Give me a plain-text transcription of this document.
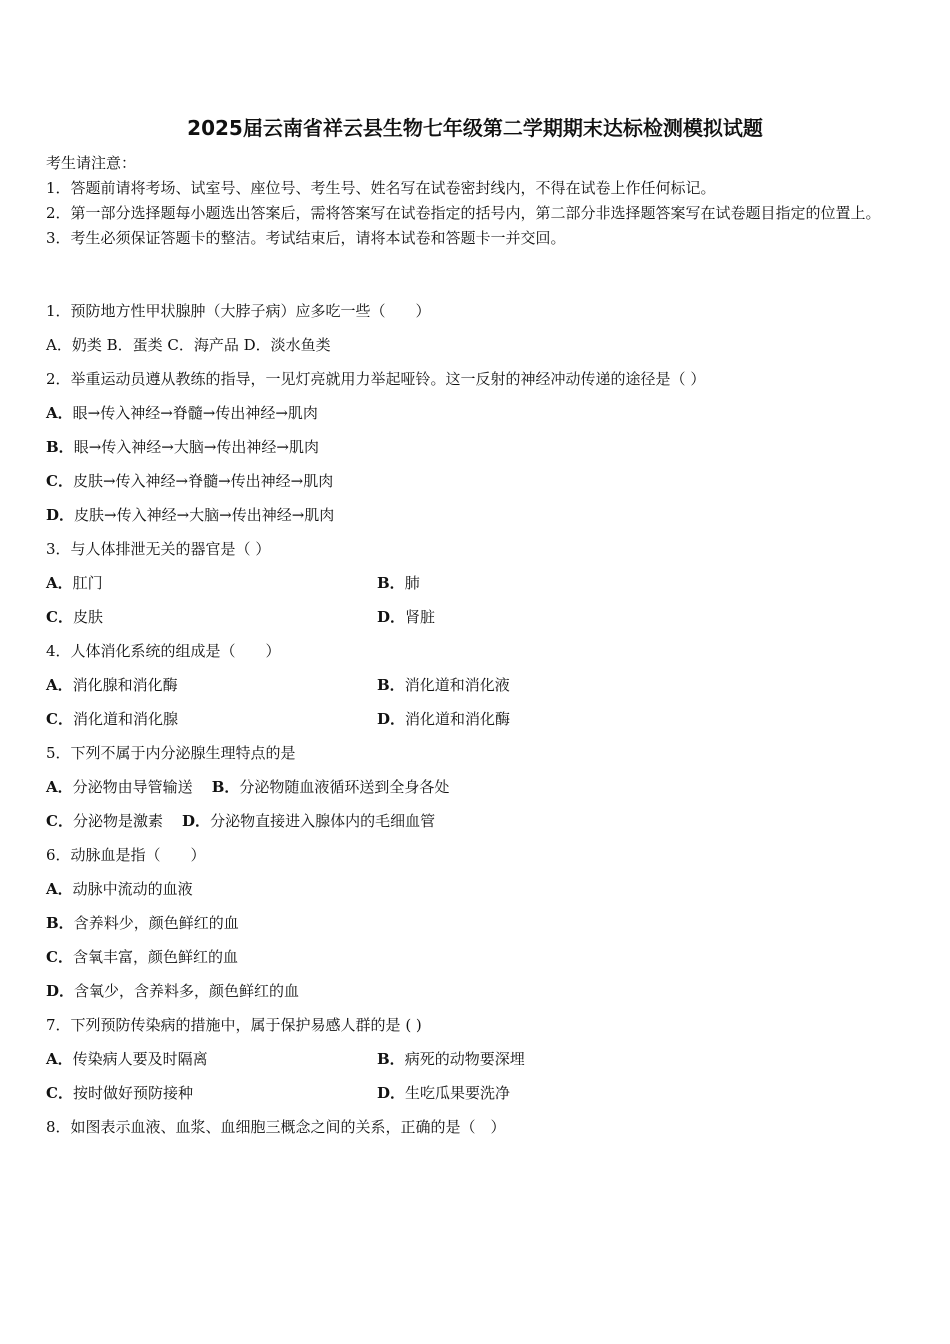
2025届云南省祥云县生物七年级第二学期期末达标检测模拟试题

考生请注意：

1．答题前请将考场、试室号、座位号、考生号、姓名写在试卷密封线内，不得在试卷上作任何标记。

2．第一部分选择题每小题选出答案后，需将答案写在试卷指定的括号内，第二部分非选择题答案写在试卷题目指定的位置上。

3．考生必须保证答题卡的整洁。考试结束后，请将本试卷和答题卡一并交回。

1．预防地方性甲状腺肿（大脖子病）应多吃一些（　　）
A．奶类 B．蛋类 C．海产品 D．淡水鱼类
2．举重运动员遵从教练的指导，一见灯亮就用力举起哑铃。这一反射的神经冲动传递的途径是（ ）
A．眼→传入神经→脊髓→传出神经→肌肉
B．眼→传入神经→大脑→传出神经→肌肉
C．皮肤→传入神经→脊髓→传出神经→肌肉
D．皮肤→传入神经→大脑→传出神经→肌肉
3．与人体排泄无关的器官是（ ）
A．肛门	B．肺
C．皮肤	D．肾脏
4．人体消化系统的组成是（　　）
A．消化腺和消化酶	B．消化道和消化液
C．消化道和消化腺	D．消化道和消化酶
5．下列不属于内分泌腺生理特点的是
A．分泌物由导管输送 B．分泌物随血液循环送到全身各处
C．分泌物是激素 D．分泌物直接进入腺体内的毛细血管
6．动脉血是指（　　）
A．动脉中流动的血液
B．含养料少，颜色鲜红的血
C．含氧丰富，颜色鲜红的血
D．含氧少，含养料多，颜色鲜红的血
7．下列预防传染病的措施中，属于保护易感人群的是 ( )
A．传染病人要及时隔离	B．病死的动物要深埋
C．按时做好预防接种	D．生吃瓜果要洗净
8．如图表示血液、血浆、血细胞三概念之间的关系，正确的是（　）
